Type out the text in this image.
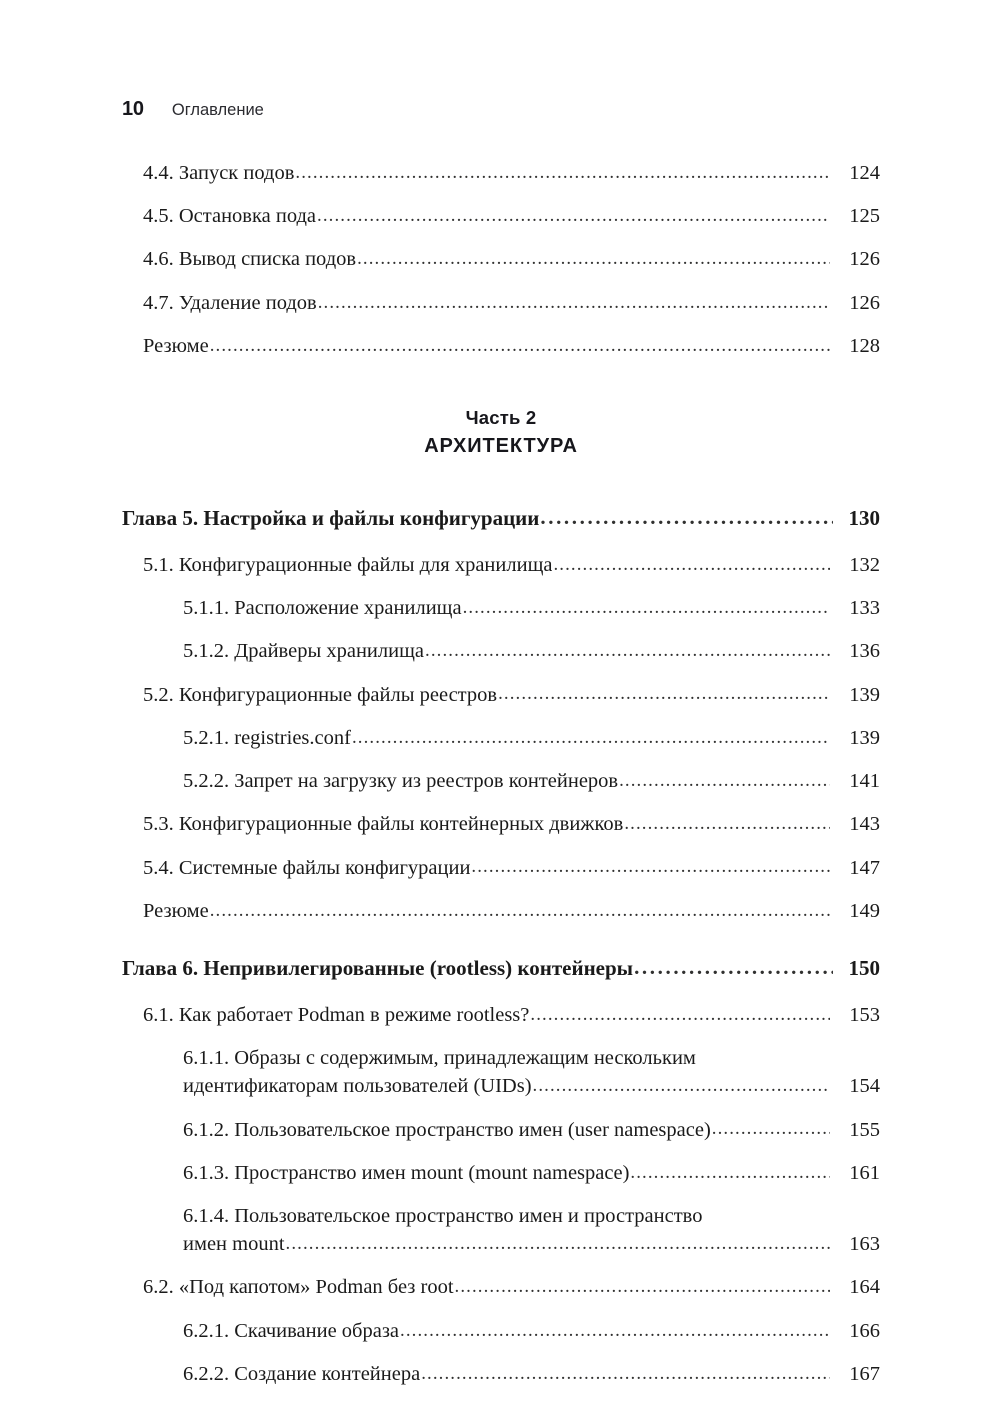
10 Оглавление
4.4. Запуск подов .....	124
4.5. Остановка пода .....	125
4.6. Вывод списка подов .....	126
4.7. Удаление подов .....	126
Резюме .....	128
Часть 2
АРХИТЕКТУРА
Глава 5. Настройка и файлы конфигурации .....	130
5.1. Конфигурационные файлы для хранилища .....	132
5.1.1. Расположение хранилища .....	133
5.1.2. Драйверы хранилища .....	136
5.2. Конфигурационные файлы реестров .....	139
5.2.1. registries.conf .....	139
5.2.2. Запрет на загрузку из реестров контейнеров .....	141
5.3. Конфигурационные файлы контейнерных движков .....	143
5.4. Системные файлы конфигурации .....	147
Резюме .....	149
Глава 6. Непривилегированные (rootless) контейнеры .....	150
6.1. Как работает Podman в режиме rootless? .....	153
6.1.1. Образы с содержимым, принадлежащим нескольким
идентификаторам пользователей (UIDs) .....	154
6.1.2. Пользовательское пространство имен (user namespace) .....	155
6.1.3. Пространство имен mount (mount namespace) .....	161
6.1.4. Пользовательское пространство имен и пространство
имен mount .....	163
6.2. «Под капотом» Podman без root .....	164
6.2.1. Скачивание образа .....	166
6.2.2. Создание контейнера .....	167
